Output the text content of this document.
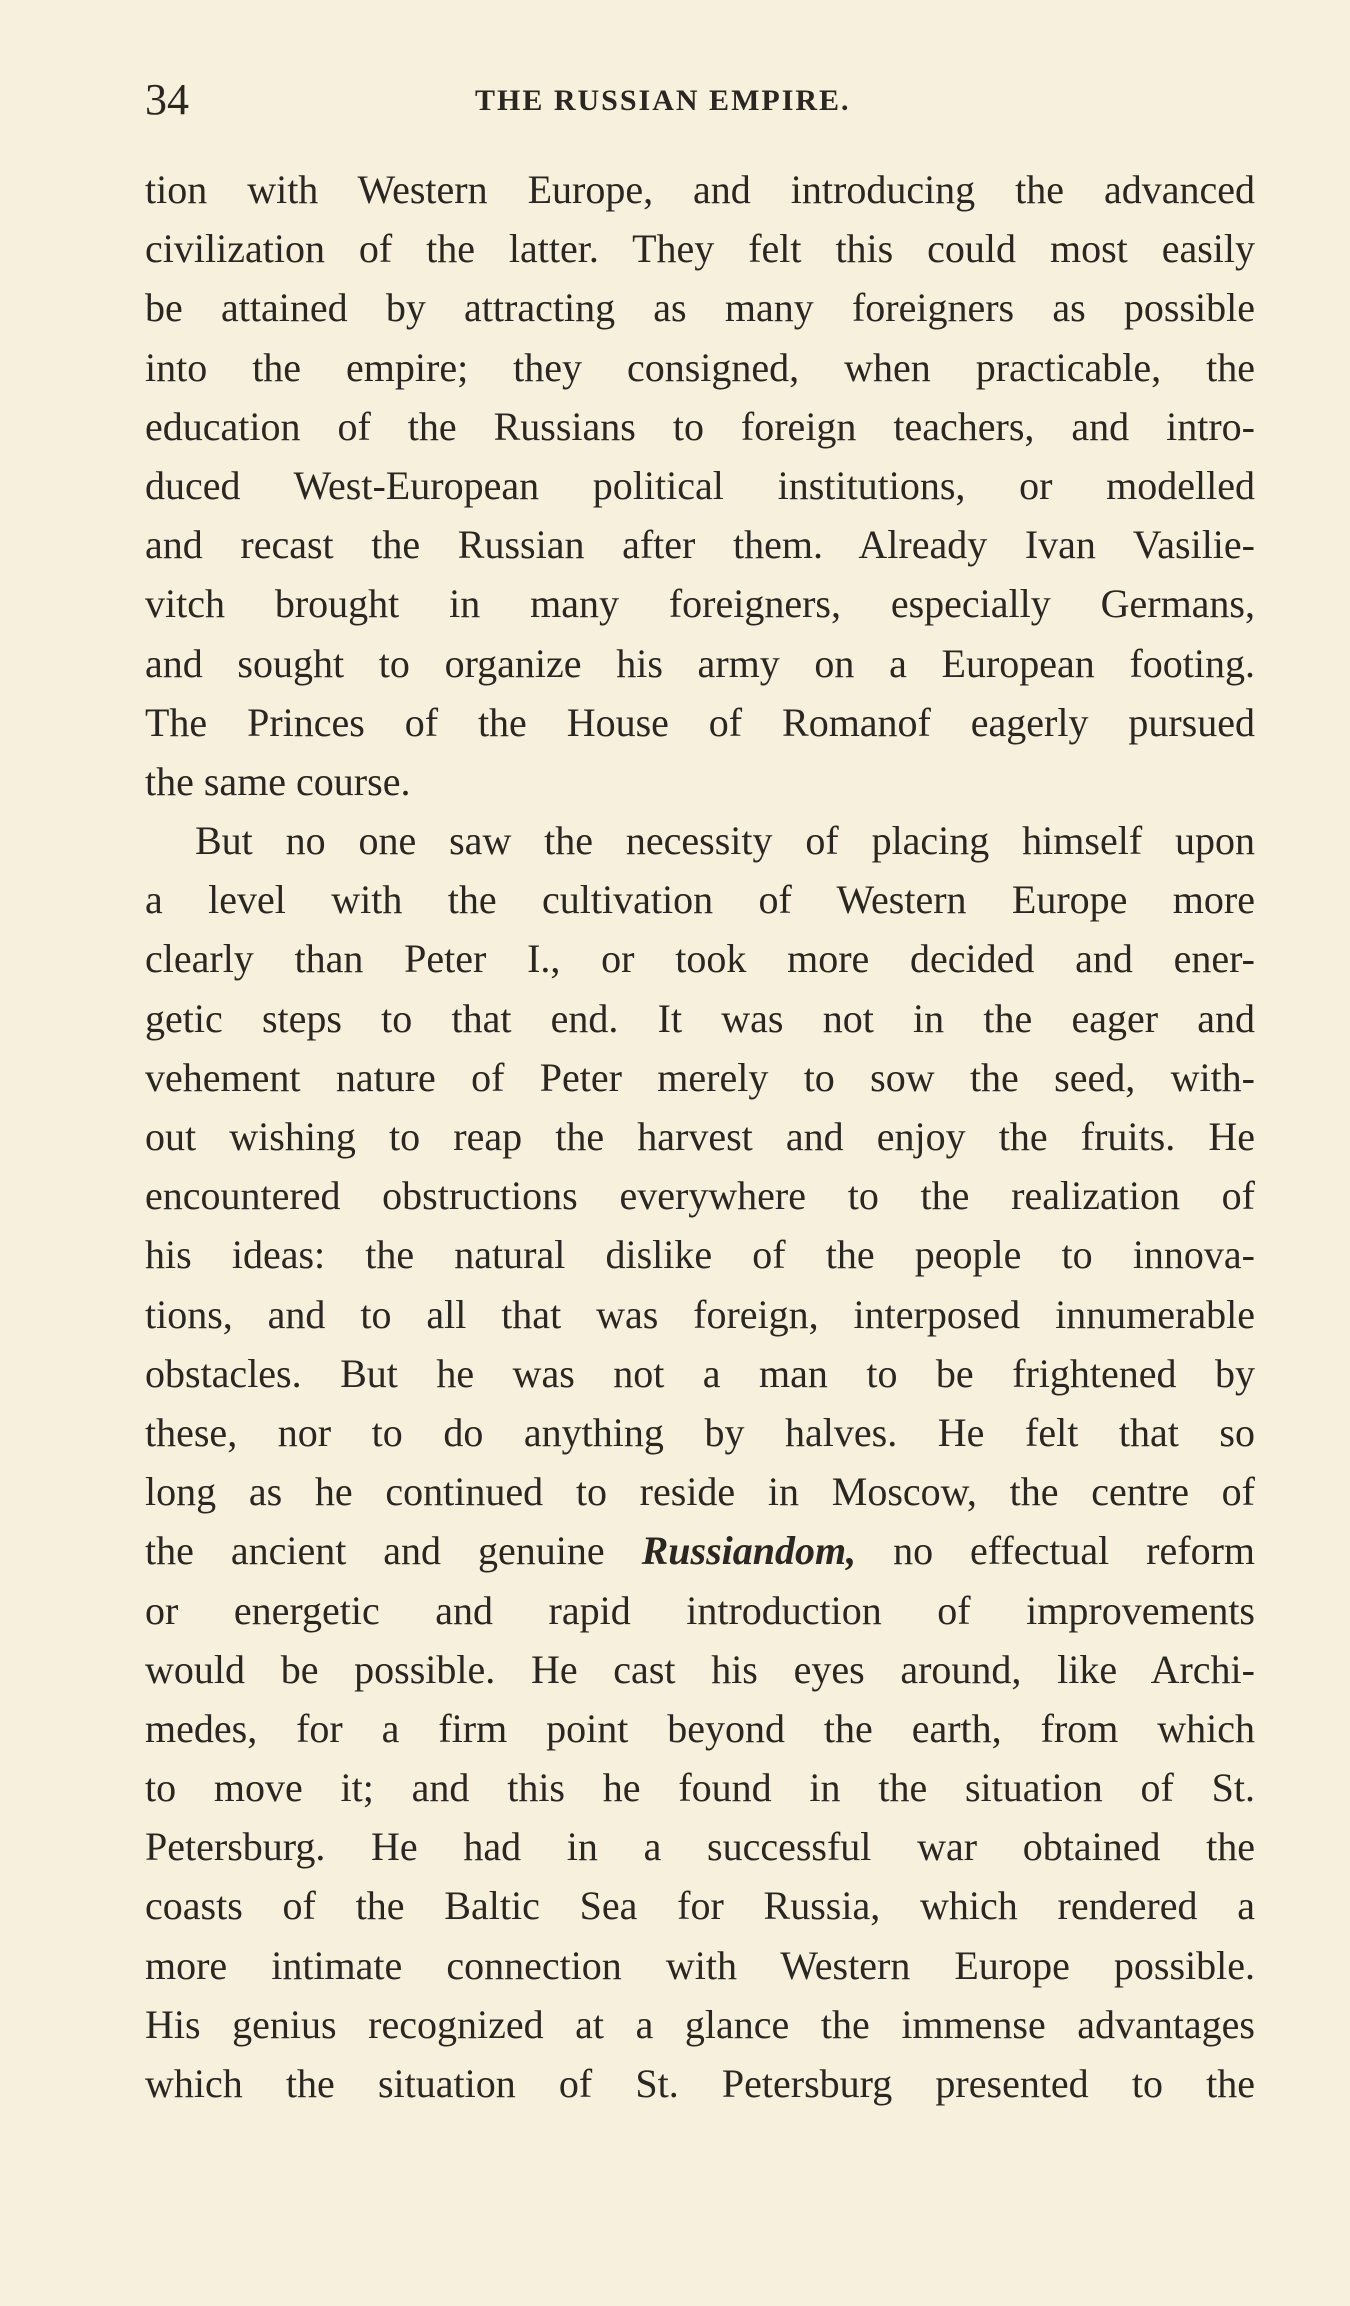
34	THE RUSSIAN EMPIRE.
tion with Western Europe, and introducing the advanced
civilization of the latter. They felt this could most easily
be attained by attracting as many foreigners as possible
into the empire; they consigned, when practicable, the
education of the Russians to foreign teachers, and intro-
duced West-European political institutions, or modelled
and recast the Russian after them. Already Ivan Vasilie-
vitch brought in many foreigners, especially Germans,
and sought to organize his army on a European footing.
The Princes of the House of Romanof eagerly pursued
the same course.
But no one saw the necessity of placing himself upon
a level with the cultivation of Western Europe more
clearly than Peter I., or took more decided and ener-
getic steps to that end. It was not in the eager and
vehement nature of Peter merely to sow the seed, with-
out wishing to reap the harvest and enjoy the fruits. He
encountered obstructions everywhere to the realization of
his ideas: the natural dislike of the people to innova-
tions, and to all that was foreign, interposed innumerable
obstacles. But he was not a man to be frightened by
these, nor to do anything by halves. He felt that so
long as he continued to reside in Moscow, the centre of
the ancient and genuine Russiandom, no effectual reform
or energetic and rapid introduction of improvements
would be possible. He cast his eyes around, like Archi-
medes, for a firm point beyond the earth, from which
to move it; and this he found in the situation of St.
Petersburg. He had in a successful war obtained the
coasts of the Baltic Sea for Russia, which rendered a
more intimate connection with Western Europe possible.
His genius recognized at a glance the immense advantages
which the situation of St. Petersburg presented to the
